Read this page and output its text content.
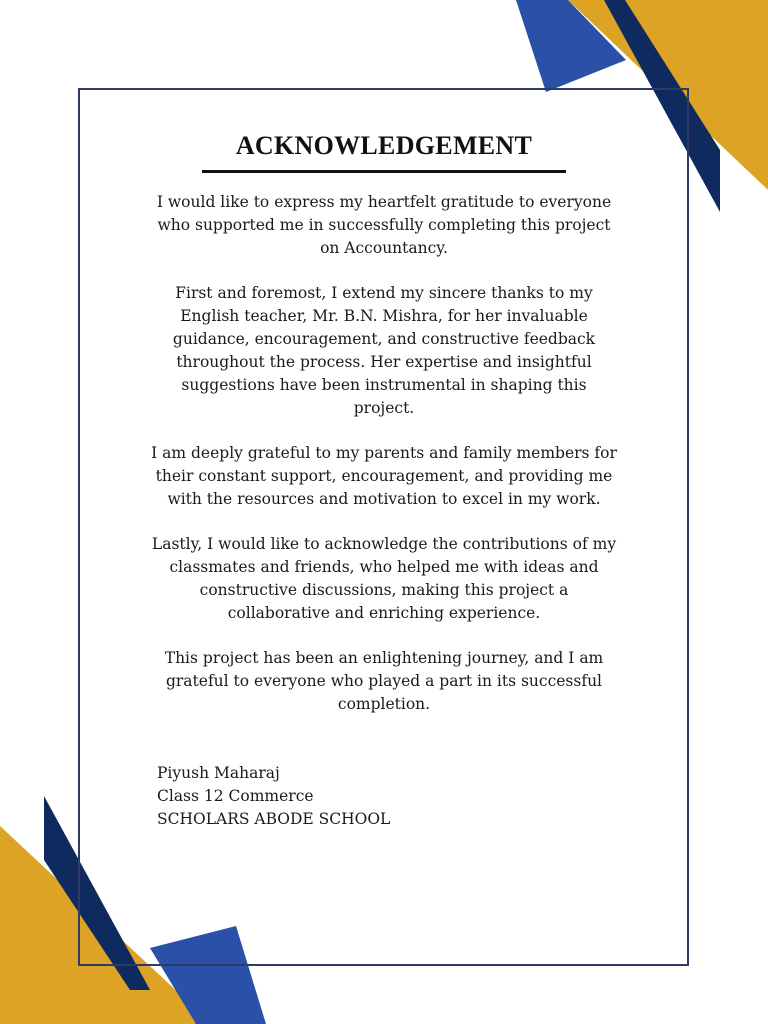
ACKNOWLEDGEMENT

I would like to express my heartfelt gratitude to everyone who supported me in successfully completing this project on Accountancy.

First and foremost, I extend my sincere thanks to my English teacher, Mr. B.N. Mishra, for her invaluable guidance, encouragement, and constructive feedback throughout the process. Her expertise and insightful suggestions have been instrumental in shaping this project.

I am deeply grateful to my parents and family members for their constant support, encouragement, and providing me with the resources and motivation to excel in my work.

Lastly, I would like to acknowledge the contributions of my classmates and friends, who helped me with ideas and constructive discussions, making this project a collaborative and enriching experience.

This project has been an enlightening journey, and I am grateful to everyone who played a part in its successful completion.

Piyush Maharaj
Class 12 Commerce
SCHOLARS ABODE SCHOOL
